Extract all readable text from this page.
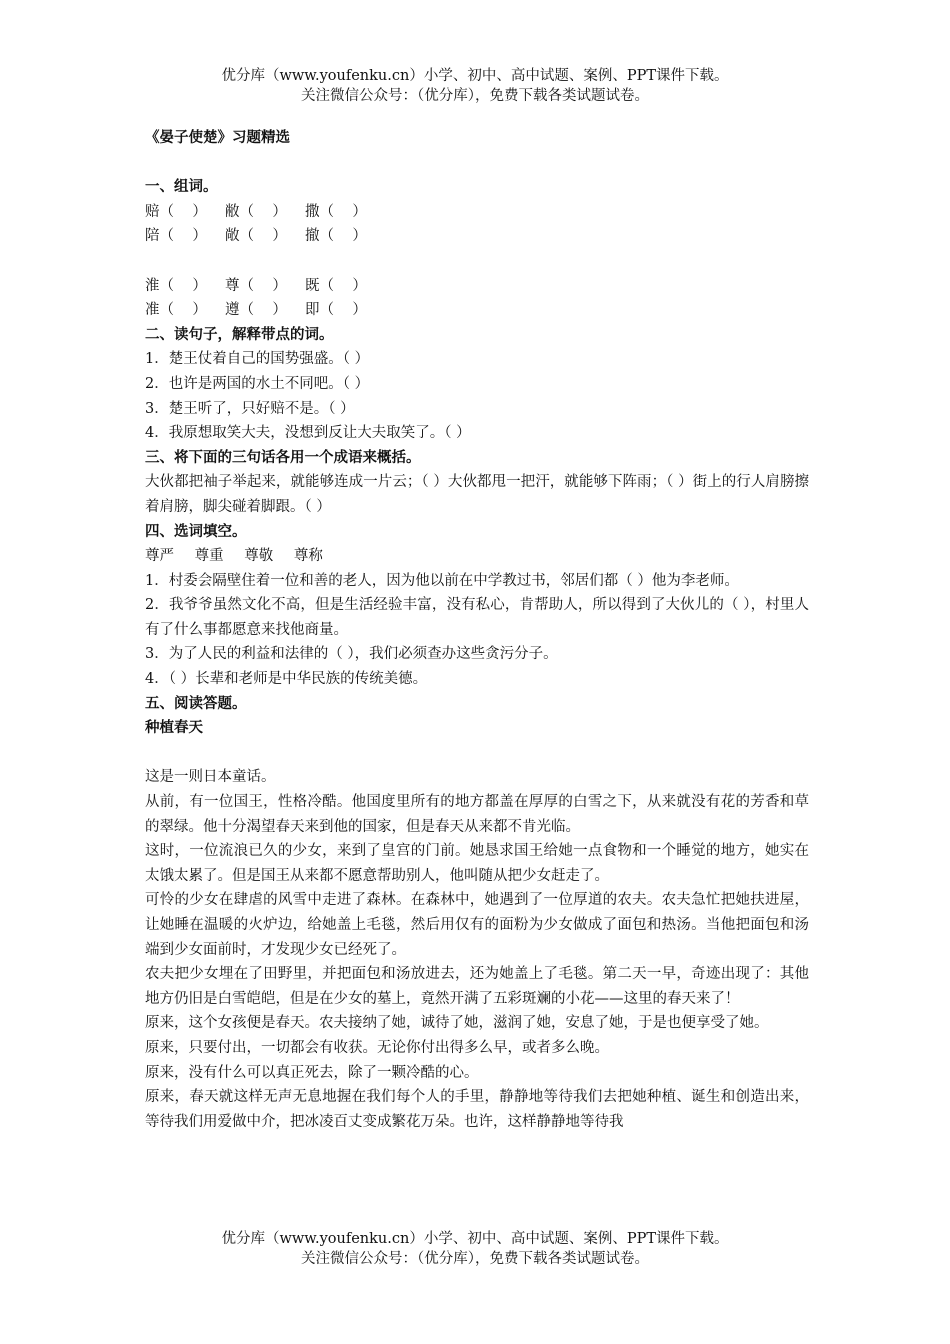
优分库（www.youfenku.cn）小学、初中、高中试题、案例、PPT课件下载。
关注微信公众号：（优分库），免费下载各类试题试卷。

《晏子使楚》习题精选

一、组词。

赔（    ）	敝（    ）	撒（    ）
陪（    ）	敞（    ）	撤（    ）
淮（    ）	尊（    ）	既（    ）
准（    ）	遵（    ）	即（    ）

二、读句子，解释带点的词。

1．楚王仗着自己的国势强盛。（ ）

2．也许是两国的水土不同吧。（ ）

3．楚王听了，只好赔不是。（ ）

4．我原想取笑大夫，没想到反让大夫取笑了。（ ）

三、将下面的三句话各用一个成语来概括。

大伙都把袖子举起来，就能够连成一片云；（ ）大伙都甩一把汗，就能够下阵雨；（ ）街上的行人肩膀擦着肩膀，脚尖碰着脚跟。（ ）

四、选词填空。

尊严 尊重 尊敬 尊称

1．村委会隔壁住着一位和善的老人，因为他以前在中学教过书，邻居们都（ ）他为李老师。

2．我爷爷虽然文化不高，但是生活经验丰富，没有私心，肯帮助人，所以得到了大伙儿的（ ），村里人有了什么事都愿意来找他商量。

3．为了人民的利益和法律的（ ），我们必须查办这些贪污分子。

4．（ ）长辈和老师是中华民族的传统美德。

五、阅读答题。

种植春天

这是一则日本童话。

从前，有一位国王，性格冷酷。他国度里所有的地方都盖在厚厚的白雪之下，从来就没有花的芳香和草的翠绿。他十分渴望春天来到他的国家，但是春天从来都不肯光临。

这时，一位流浪已久的少女，来到了皇宫的门前。她恳求国王给她一点食物和一个睡觉的地方，她实在太饿太累了。但是国王从来都不愿意帮助别人，他叫随从把少女赶走了。

可怜的少女在肆虐的风雪中走进了森林。在森林中，她遇到了一位厚道的农夫。农夫急忙把她扶进屋，让她睡在温暖的火炉边，给她盖上毛毯，然后用仅有的面粉为少女做成了面包和热汤。当他把面包和汤端到少女面前时，才发现少女已经死了。

农夫把少女埋在了田野里，并把面包和汤放进去，还为她盖上了毛毯。第二天一早，奇迹出现了：其他地方仍旧是白雪皑皑，但是在少女的墓上，竟然开满了五彩斑斓的小花——这里的春天来了！

原来，这个女孩便是春天。农夫接纳了她，诚待了她，滋润了她，安息了她，于是也便享受了她。

原来，只要付出，一切都会有收获。无论你付出得多么早，或者多么晚。

原来，没有什么可以真正死去，除了一颗冷酷的心。

原来，春天就这样无声无息地握在我们每个人的手里，静静地等待我们去把她种植、诞生和创造出来，等待我们用爱做中介，把冰凌百丈变成繁花万朵。也许，这样静静地等待我

优分库（www.youfenku.cn）小学、初中、高中试题、案例、PPT课件下载。
关注微信公众号：（优分库），免费下载各类试题试卷。
